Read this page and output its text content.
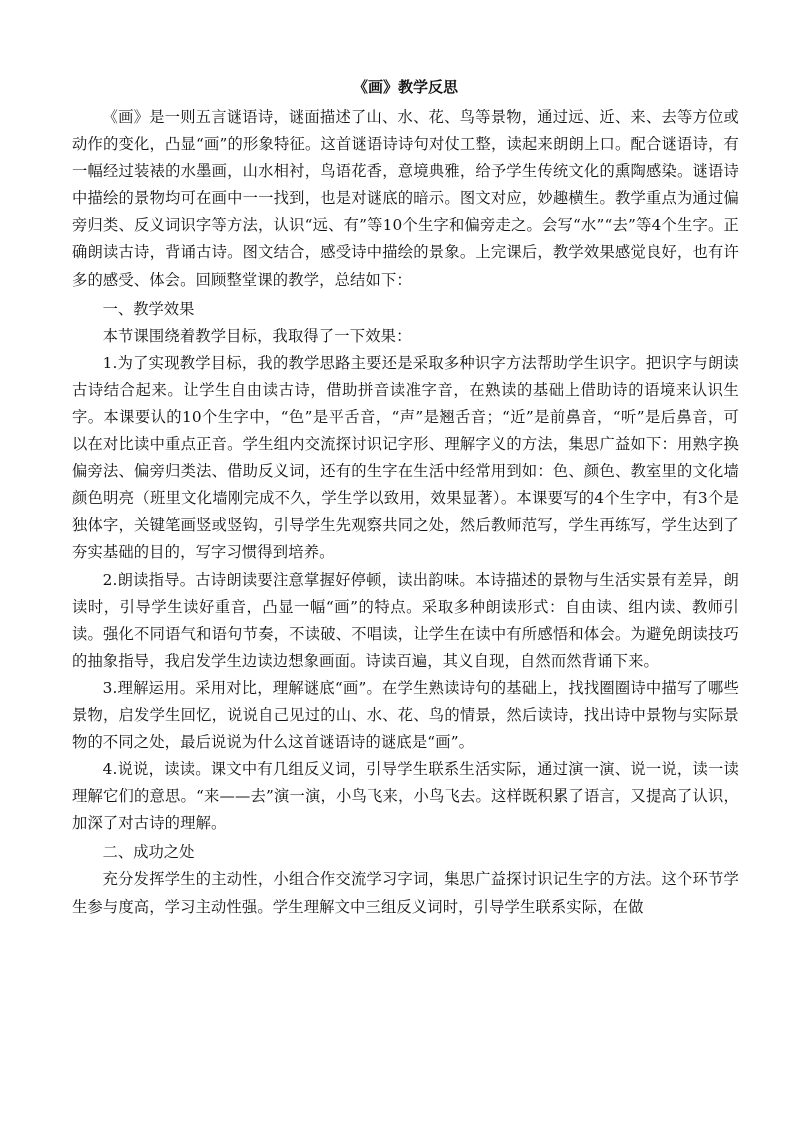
《画》教学反思

《画》是一则五言谜语诗，谜面描述了山、水、花、鸟等景物，通过远、近、来、去等方位或动作的变化，凸显“画”的形象特征。这首谜语诗诗句对仗工整，读起来朗朗上口。配合谜语诗，有一幅经过装裱的水墨画，山水相衬，鸟语花香，意境典雅，给予学生传统文化的熏陶感染。谜语诗中描绘的景物均可在画中一一找到，也是对谜底的暗示。图文对应，妙趣横生。教学重点为通过偏旁归类、反义词识字等方法，认识“远、有”等10个生字和偏旁走之。会写“水”“去”等4个生字。正确朗读古诗，背诵古诗。图文结合，感受诗中描绘的景象。上完课后，教学效果感觉良好，也有许多的感受、体会。回顾整堂课的教学，总结如下：

一、教学效果

本节课围绕着教学目标，我取得了一下效果：

1.为了实现教学目标，我的教学思路主要还是采取多种识字方法帮助学生识字。把识字与朗读古诗结合起来。让学生自由读古诗，借助拼音读准字音，在熟读的基础上借助诗的语境来认识生字。本课要认的10个生字中，“色”是平舌音，“声”是翘舌音；“近”是前鼻音，“听”是后鼻音，可以在对比读中重点正音。学生组内交流探讨识记字形、理解字义的方法，集思广益如下：用熟字换偏旁法、偏旁归类法、借助反义词，还有的生字在生活中经常用到如：色、颜色、教室里的文化墙颜色明亮（班里文化墙刚完成不久，学生学以致用，效果显著）。本课要写的4个生字中，有3个是独体字，关键笔画竖或竖钩，引导学生先观察共同之处，然后教师范写，学生再练写，学生达到了夯实基础的目的，写字习惯得到培养。

2.朗读指导。古诗朗读要注意掌握好停顿，读出韵味。本诗描述的景物与生活实景有差异，朗读时，引导学生读好重音，凸显一幅“画”的特点。采取多种朗读形式：自由读、组内读、教师引读。强化不同语气和语句节奏，不读破、不唱读，让学生在读中有所感悟和体会。为避免朗读技巧的抽象指导，我启发学生边读边想象画面。诗读百遍，其义自现，自然而然背诵下来。

3.理解运用。采用对比，理解谜底“画”。在学生熟读诗句的基础上，找找圈圈诗中描写了哪些景物，启发学生回忆，说说自己见过的山、水、花、鸟的情景，然后读诗，找出诗中景物与实际景物的不同之处，最后说说为什么这首谜语诗的谜底是“画”。

4.说说，读读。课文中有几组反义词，引导学生联系生活实际，通过演一演、说一说，读一读理解它们的意思。“来——去”演一演，小鸟飞来，小鸟飞去。这样既积累了语言，又提高了认识，加深了对古诗的理解。

二、成功之处

充分发挥学生的主动性，小组合作交流学习字词，集思广益探讨识记生字的方法。这个环节学生参与度高，学习主动性强。学生理解文中三组反义词时，引导学生联系实际，在做
